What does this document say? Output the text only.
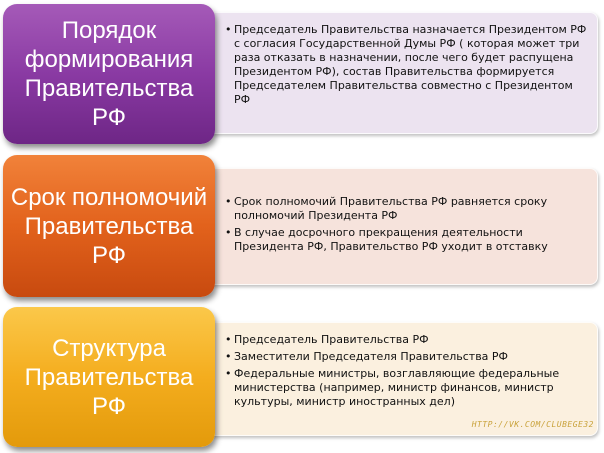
• Председатель Правительства назначается Президентом РФ с согласия Государственной Думы РФ ( которая может три раза отказать в назначении, после чего будет распущена Президентом РФ), состав Правительства формируется Председателем Правительства совместно с Президентом РФ
Порядок формирования Правительства РФ
• Срок полномочий Правительства РФ равняется сроку полномочий Президента РФ
• В случае досрочного прекращения деятельности Президента РФ, Правительство РФ уходит в отставку
Срок полномочий Правительства РФ
• Председатель Правительства РФ
• Заместители Председателя Правительства РФ
• Федеральные министры, возглавляющие федеральные министерства (например, министр финансов, министр культуры, министр иностранных дел)
Структура Правительства РФ
HTTP://VK.COM/CLUBEGE32
